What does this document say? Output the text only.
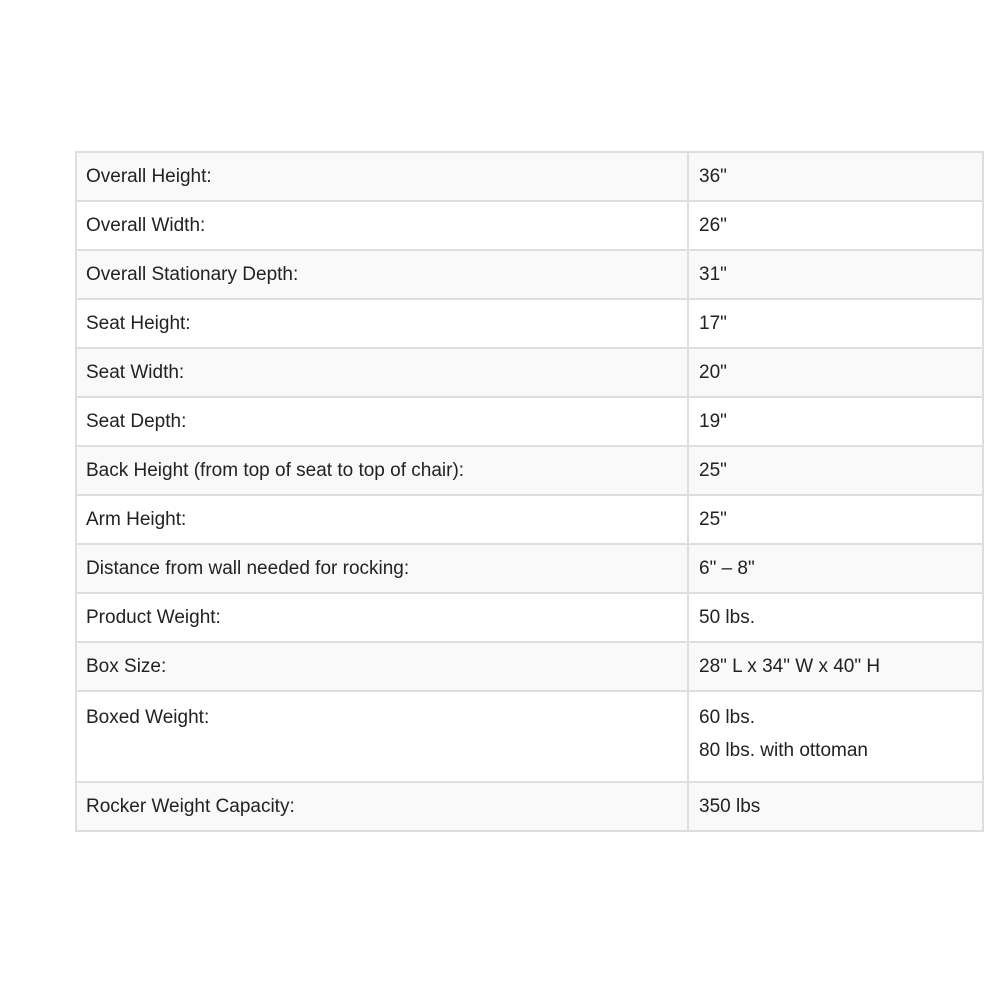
Overall Height:	36"

Overall Width:	26"

Overall Stationary Depth:	31"

Seat Height:	17"

Seat Width:	20"

Seat Depth:	19"

Back Height (from top of seat to top of chair):	25"

Arm Height:	25"

Distance from wall needed for rocking:	6" – 8"

Product Weight:	50 lbs.

Box Size:	28" L x 34" W x 40" H

Boxed Weight:	60 lbs.
80 lbs. with ottoman

Rocker Weight Capacity:	350 lbs
